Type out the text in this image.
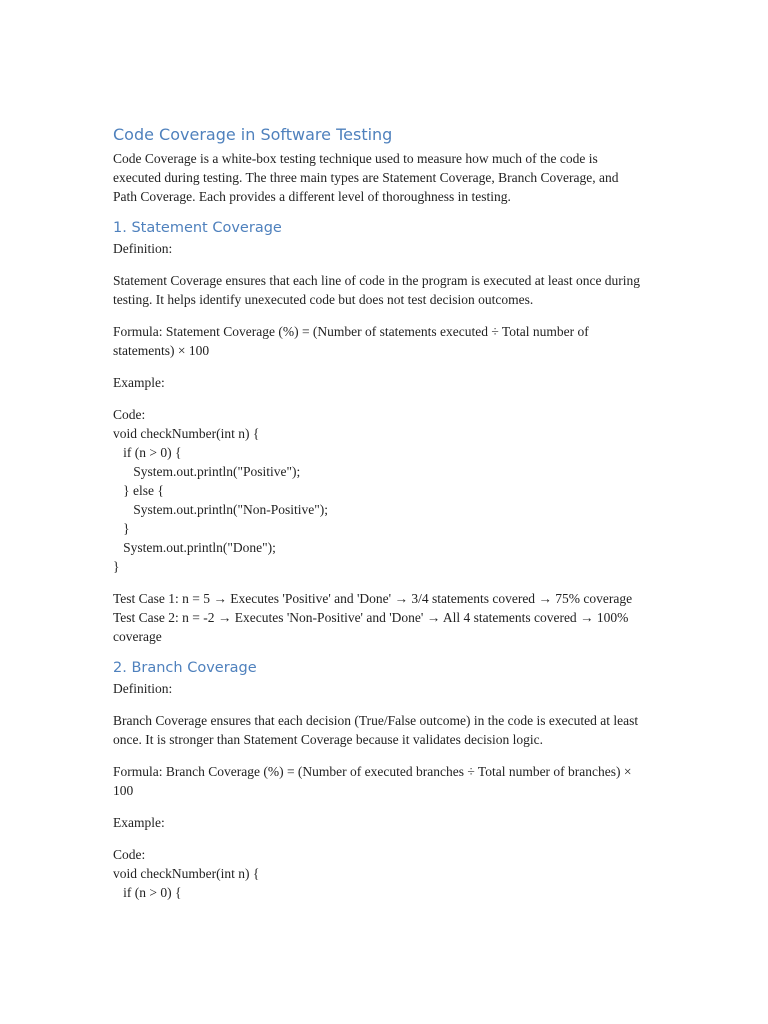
Code Coverage in Software Testing

Code Coverage is a white-box testing technique used to measure how much of the code is executed during testing. The three main types are Statement Coverage, Branch Coverage, and Path Coverage. Each provides a different level of thoroughness in testing.

1. Statement Coverage

Definition:

Statement Coverage ensures that each line of code in the program is executed at least once during testing. It helps identify unexecuted code but does not test decision outcomes.

Formula: Statement Coverage (%) = (Number of statements executed ÷ Total number of statements) × 100

Example:

Code:

void checkNumber(int n) {
if (n > 0) {
System.out.println("Positive");
} else {
System.out.println("Non-Positive");
}
System.out.println("Done");
}

Test Case 1: n = 5 → Executes 'Positive' and 'Done' → 3/4 statements covered → 75% coverage

Test Case 2: n = -2 → Executes 'Non-Positive' and 'Done' → All 4 statements covered → 100% coverage

2. Branch Coverage

Definition:

Branch Coverage ensures that each decision (True/False outcome) in the code is executed at least once. It is stronger than Statement Coverage because it validates decision logic.

Formula: Branch Coverage (%) = (Number of executed branches ÷ Total number of branches) × 100

Example:

Code:

void checkNumber(int n) {
if (n > 0) {
